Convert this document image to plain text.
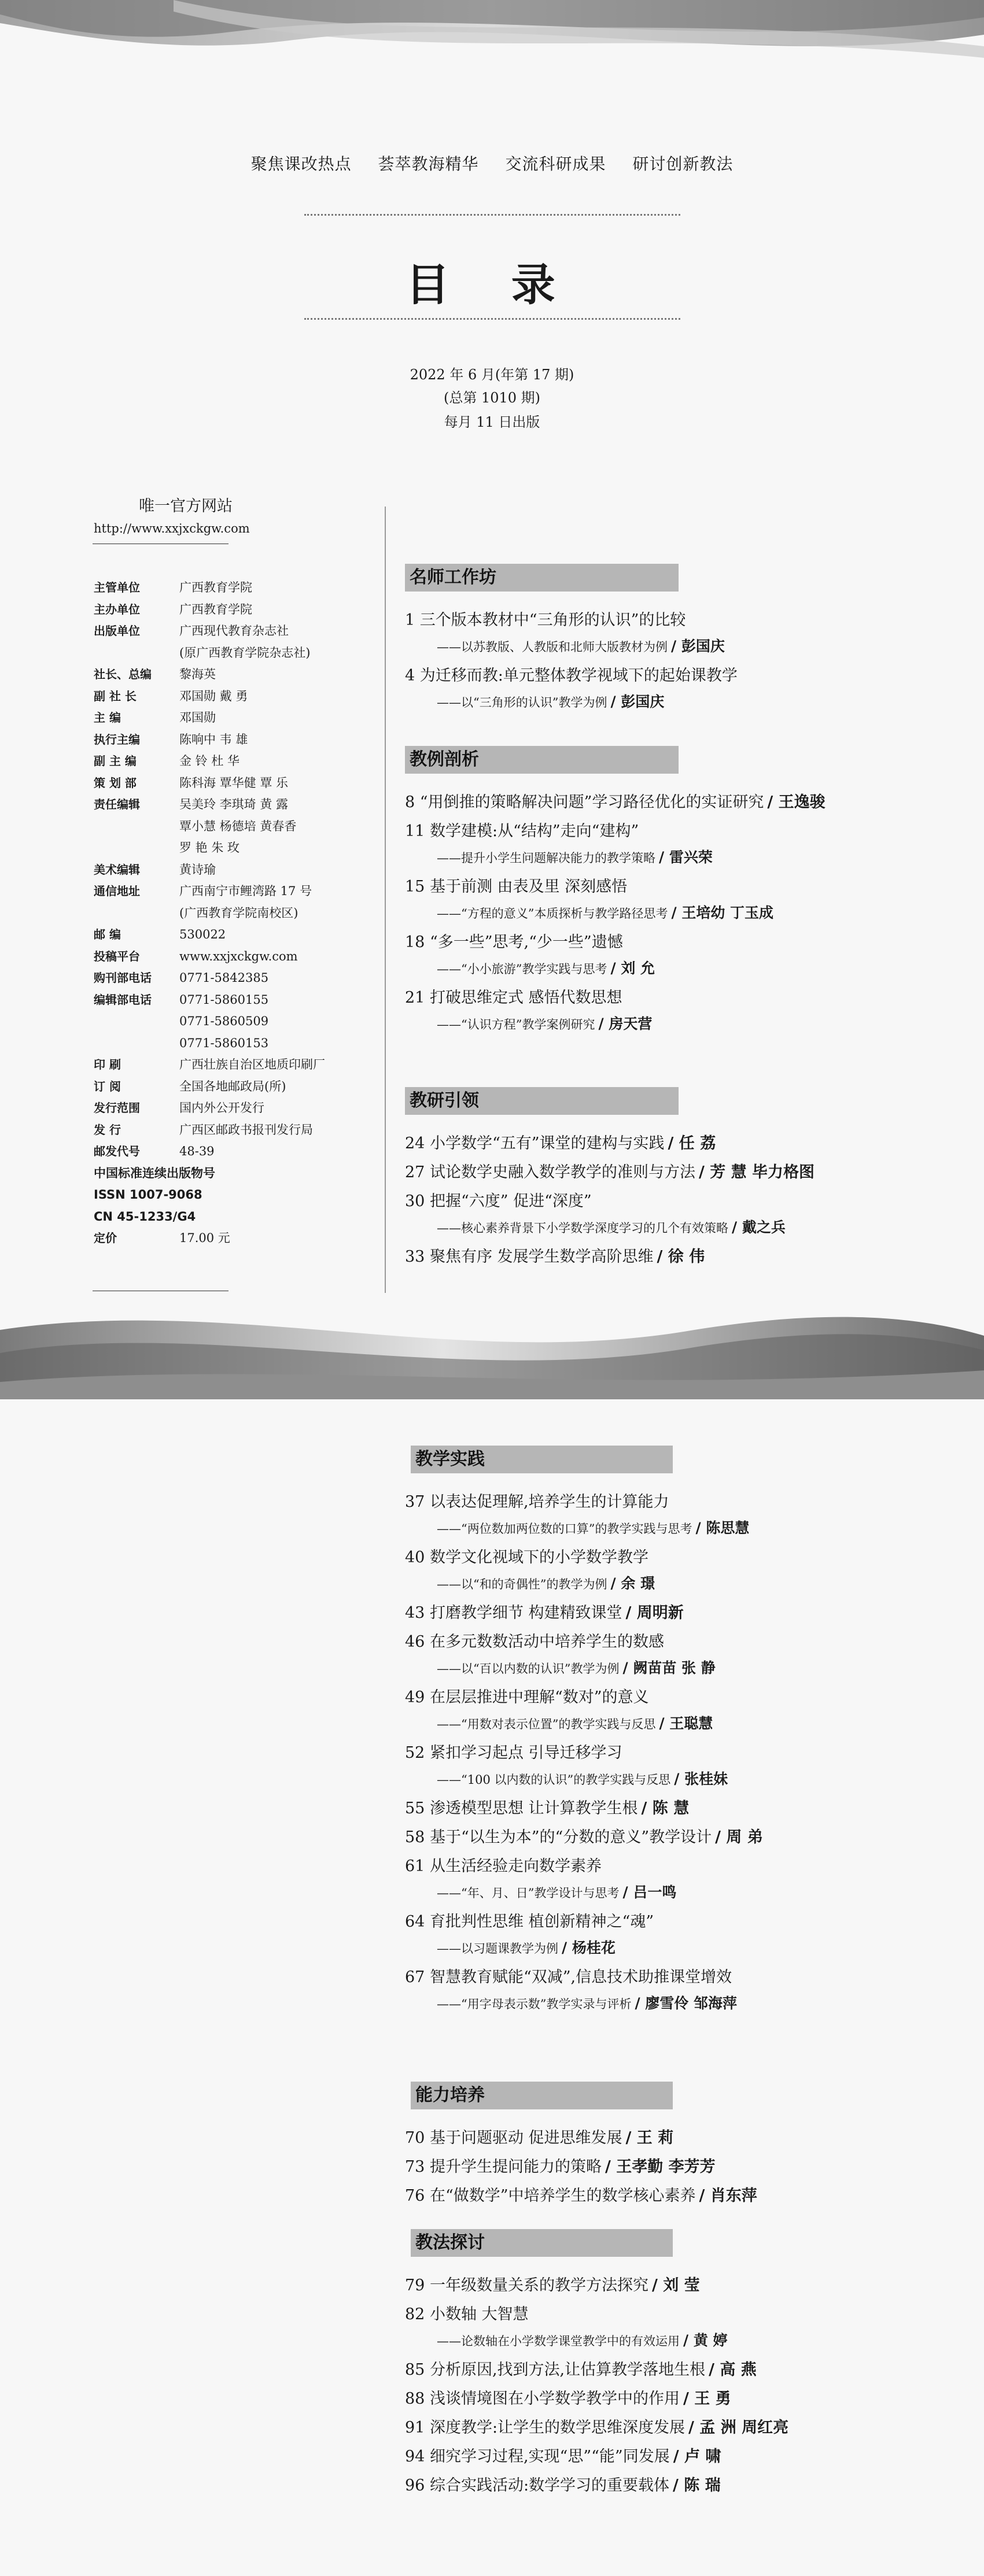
聚焦课改热点 荟萃教海精华 交流科研成果 研讨创新教法
目 录
2022 年 6 月(年第 17 期)
(总第 1010 期)
每月 11 日出版
唯一官方网站
http://www.xxjxckgw.com
主管单位	广西教育学院
主办单位	广西教育学院
出版单位	广西现代教育杂志社
(原广西教育学院杂志社)
社长、总编	黎海英
副 社 长	邓国勋 戴 勇
主 编	邓国勋
执行主编	陈响中 韦 雄
副 主 编	金 铃 杜 华
策 划 部	陈科海 覃华健 覃 乐
责任编辑	吴美玲 李琪琦 黄 露
覃小慧 杨德培 黄春香
罗 艳 朱 玫
美术编辑	黄诗瑜
通信地址	广西南宁市鲤湾路 17 号
(广西教育学院南校区)
邮 编	530022
投稿平台	www.xxjxckgw.com
购刊部电话	0771-5842385
编辑部电话	0771-5860155
0771-5860509
0771-5860153
印 刷	广西壮族自治区地质印刷厂
订 阅	全国各地邮政局(所)
发行范围	国内外公开发行
发 行	广西区邮政书报刊发行局
邮发代号	48-39
中国标准连续出版物号
ISSN 1007-9068
CN 45-1233/G4
定价	17.00 元
名师工作坊
1 三个版本教材中“三角形的认识”的比较
——以苏教版、人教版和北师大版教材为例 / 彭国庆
4 为迁移而教:单元整体教学视域下的起始课教学
——以“三角形的认识”教学为例 / 彭国庆
教例剖析
8 “用倒推的策略解决问题”学习路径优化的实证研究 / 王逸骏
11 数学建模:从“结构”走向“建构”
——提升小学生问题解决能力的教学策略 / 雷兴荣
15 基于前测 由表及里 深刻感悟
——“方程的意义”本质探析与教学路径思考 / 王培幼 丁玉成
18 “多一些”思考,“少一些”遗憾
——“小小旅游”教学实践与思考 / 刘 允
21 打破思维定式 感悟代数思想
——“认识方程”教学案例研究 / 房天营
教研引领
24 小学数学“五有”课堂的建构与实践 / 任 荔
27 试论数学史融入数学教学的准则与方法 / 芳 慧 毕力格图
30 把握“六度” 促进“深度”
——核心素养背景下小学数学深度学习的几个有效策略 / 戴之兵
33 聚焦有序 发展学生数学高阶思维 / 徐 伟
教学实践
37 以表达促理解,培养学生的计算能力
——“两位数加两位数的口算”的教学实践与思考 / 陈思慧
40 数学文化视域下的小学数学教学
——以“和的奇偶性”的教学为例 / 余 璟
43 打磨教学细节 构建精致课堂 / 周明新
46 在多元数数活动中培养学生的数感
——以“百以内数的认识”教学为例 / 阙苗苗 张 静
49 在层层推进中理解“数对”的意义
——“用数对表示位置”的教学实践与反思 / 王聪慧
52 紧扣学习起点 引导迁移学习
——“100 以内数的认识”的教学实践与反思 / 张桂妹
55 渗透模型思想 让计算教学生根 / 陈 慧
58 基于“以生为本”的“分数的意义”教学设计 / 周 弟
61 从生活经验走向数学素养
——“年、月、日”教学设计与思考 / 吕一鸣
64 育批判性思维 植创新精神之“魂”
——以习题课教学为例 / 杨桂花
67 智慧教育赋能“双减”,信息技术助推课堂增效
——“用字母表示数”教学实录与评析 / 廖雪伶 邹海萍
能力培养
70 基于问题驱动 促进思维发展 / 王 莉
73 提升学生提问能力的策略 / 王孝勤 李芳芳
76 在“做数学”中培养学生的数学核心素养 / 肖东萍
教法探讨
79 一年级数量关系的教学方法探究 / 刘 莹
82 小数轴 大智慧
——论数轴在小学数学课堂教学中的有效运用 / 黄 婷
85 分析原因,找到方法,让估算教学落地生根 / 高 燕
88 浅谈情境图在小学数学教学中的作用 / 王 勇
91 深度教学:让学生的数学思维深度发展 / 孟 洲 周红亮
94 细究学习过程,实现“思”“能”同发展 / 卢 啸
96 综合实践活动:数学学习的重要载体 / 陈 瑞
